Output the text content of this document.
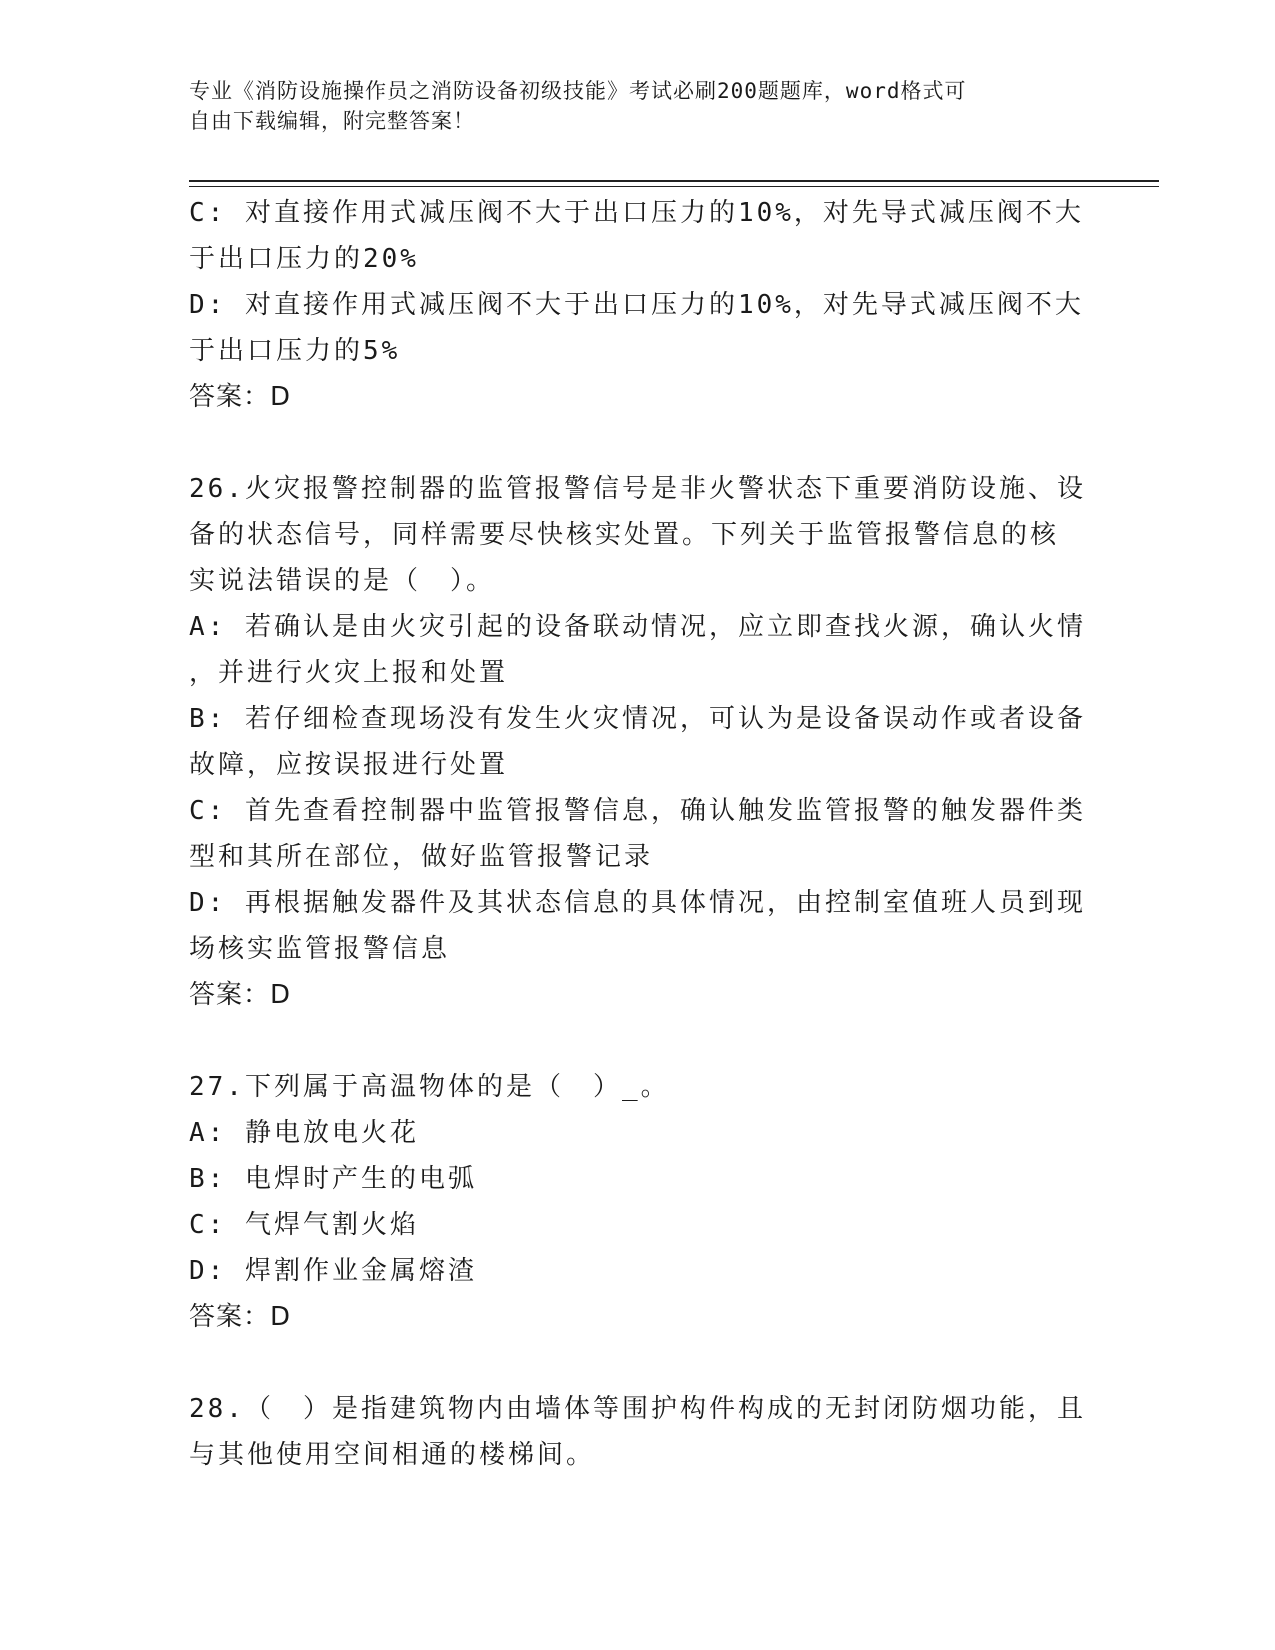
专业《消防设施操作员之消防设备初级技能》考试必刷200题题库，word格式可
自由下载编辑，附完整答案！
C: 对直接作用式减压阀不大于出口压力的10%，对先导式减压阀不大
于出口压力的20%
D: 对直接作用式减压阀不大于出口压力的10%，对先导式减压阀不大
于出口压力的5%
答案：D
26.火灾报警控制器的监管报警信号是非火警状态下重要消防设施、设
备的状态信号，同样需要尽快核实处置。下列关于监管报警信息的核
实说法错误的是（　）。
A: 若确认是由火灾引起的设备联动情况，应立即查找火源，确认火情
，并进行火灾上报和处置
B: 若仔细检查现场没有发生火灾情况，可认为是设备误动作或者设备
故障，应按误报进行处置
C: 首先查看控制器中监管报警信息，确认触发监管报警的触发器件类
型和其所在部位，做好监管报警记录
D: 再根据触发器件及其状态信息的具体情况，由控制室值班人员到现
场核实监管报警信息
答案：D
27.下列属于高温物体的是（　）_。
A: 静电放电火花
B: 电焊时产生的电弧
C: 气焊气割火焰
D: 焊割作业金属熔渣
答案：D
28.（　）是指建筑物内由墙体等围护构件构成的无封闭防烟功能，且
与其他使用空间相通的楼梯间。
